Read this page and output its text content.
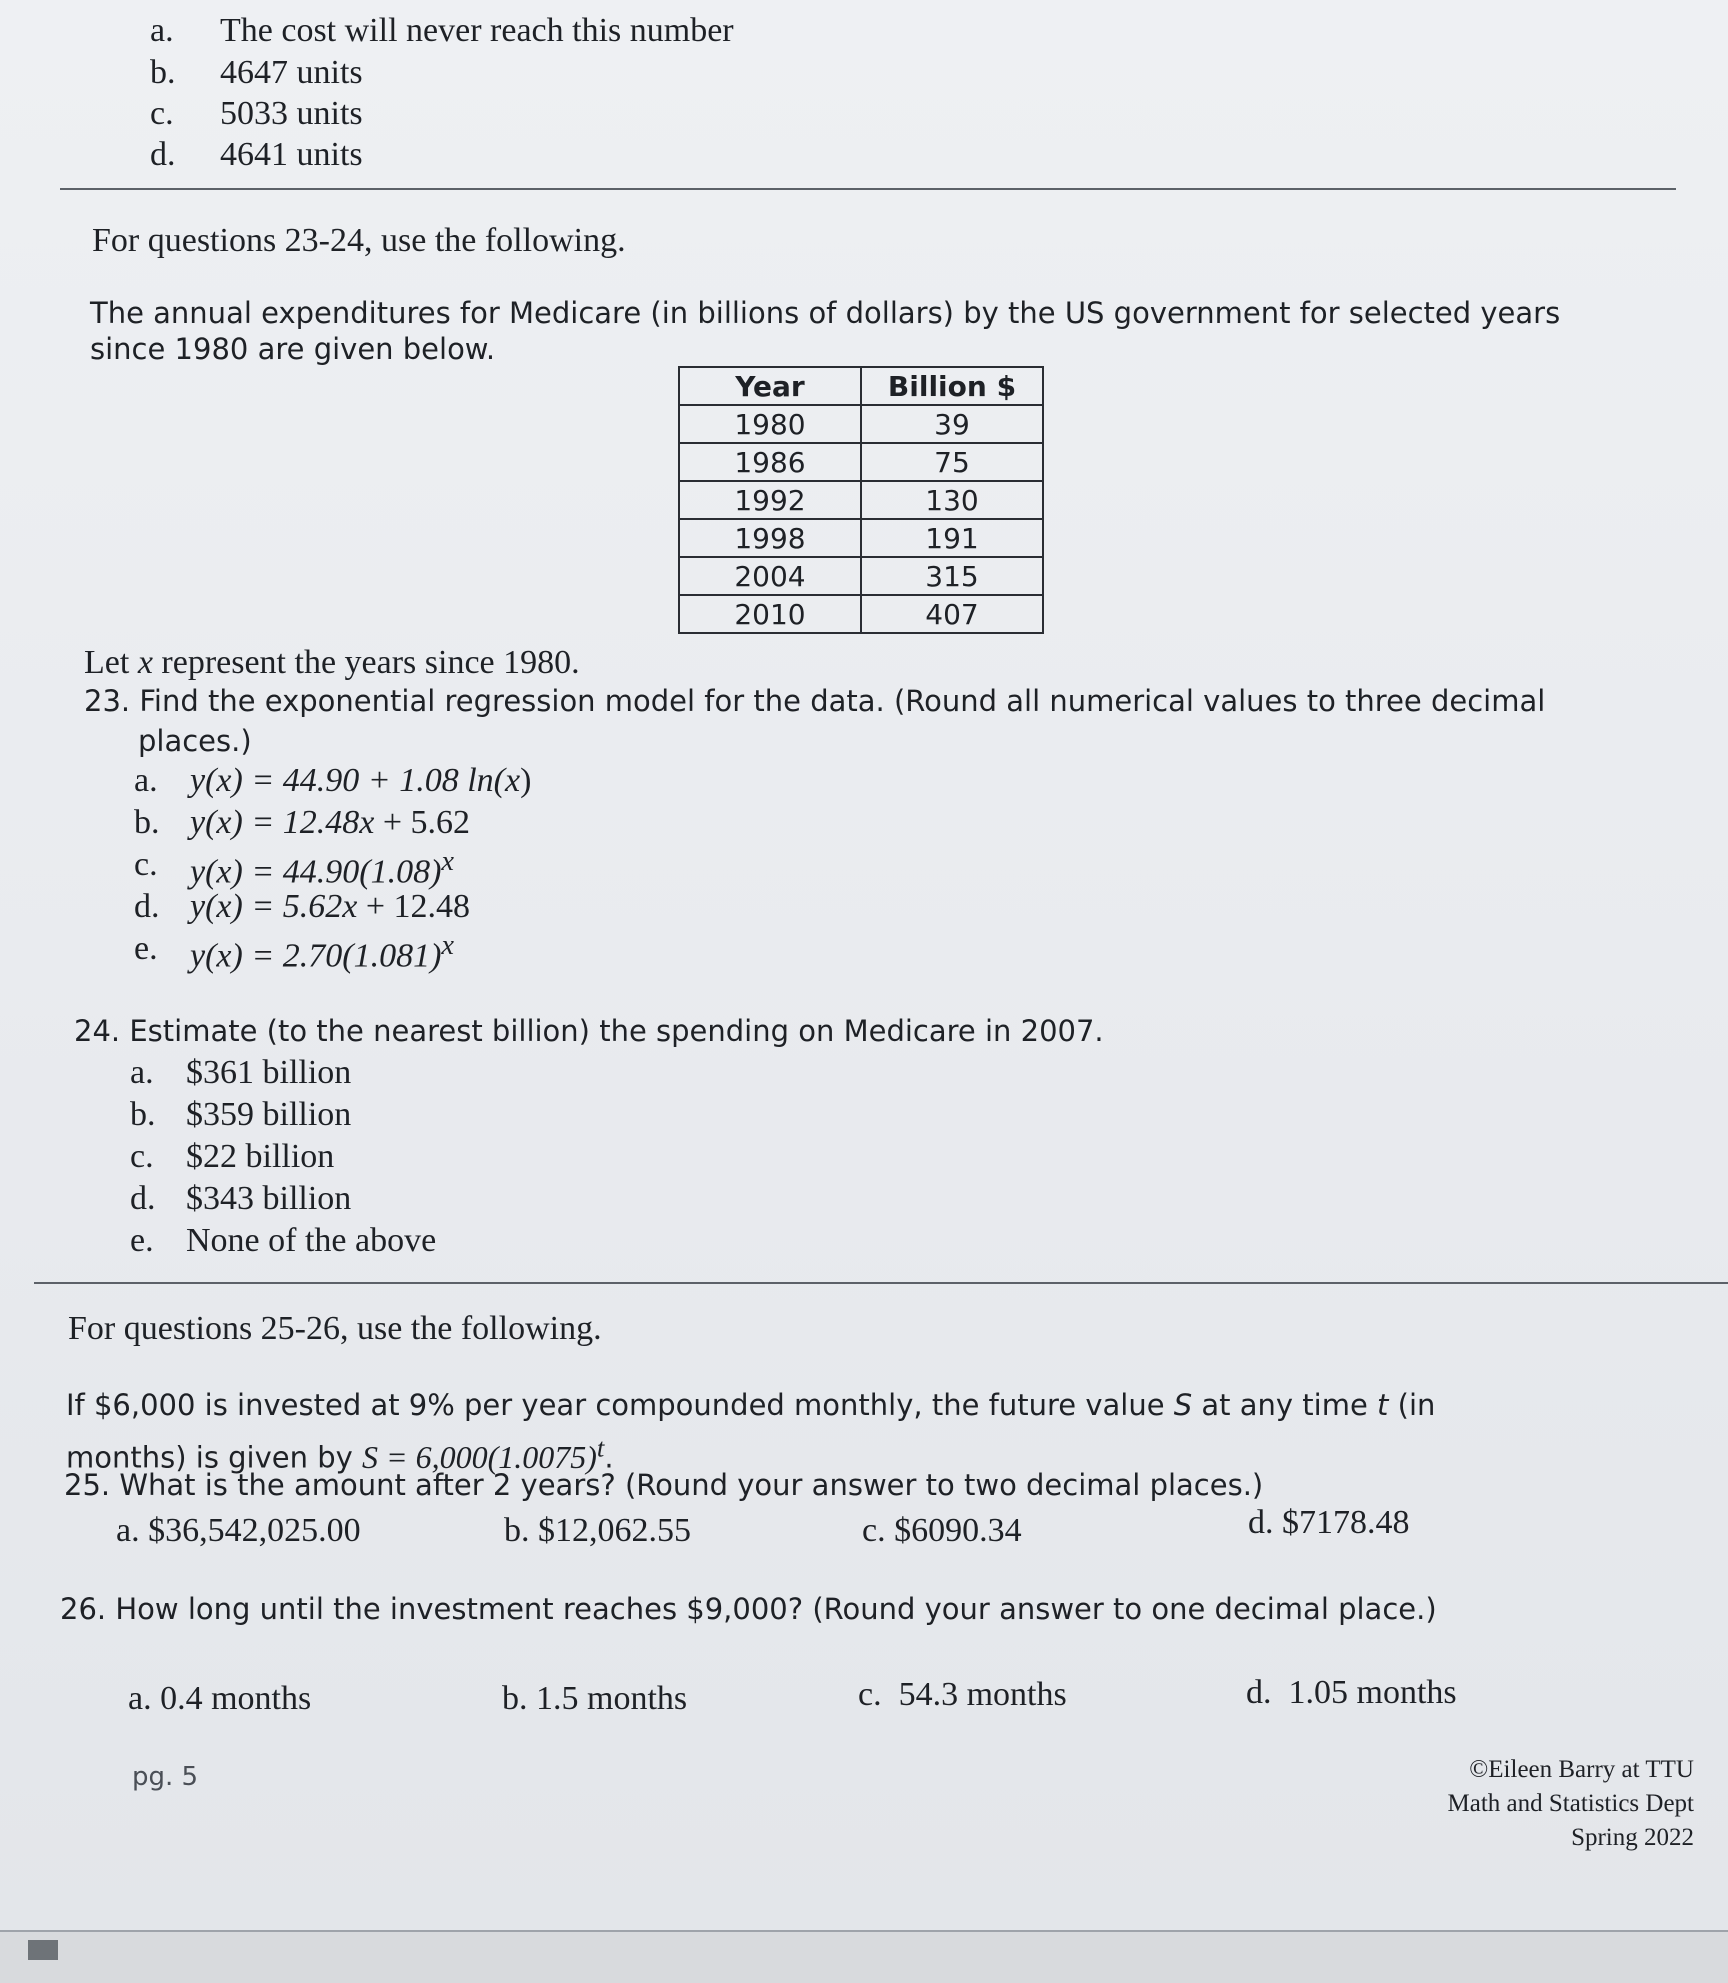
a. The cost will never reach this number
b. 4647 units
c. 5033 units
d. 4641 units
For questions 23-24, use the following.
The annual expenditures for Medicare (in billions of dollars) by the US government for selected years
since 1980 are given below.
Year	Billion $
1980	39
1986	75
1992	130
1998	191
2004	315
2010	407
Let x represent the years since 1980.
23. Find the exponential regression model for the data. (Round all numerical values to three decimal
places.)
a. y(x) = 44.90 + 1.08 ln(x)
b. y(x) = 12.48x + 5.62
c. $y(x) = 44.90(1.08)^x$
d. y(x) = 5.62x + 12.48
e. $y(x) = 2.70(1.081)^x$
24. Estimate (to the nearest billion) the spending on Medicare in 2007.
a. $361 billion
b. $359 billion
c. $22 billion
d. $343 billion
e. None of the above
For questions 25-26, use the following.
If $6,000 is invested at 9% per year compounded monthly, the future value S at any time t (in
months) is given by $S = 6,000(1.0075)^t$.
25. What is the amount after 2 years? (Round your answer to two decimal places.)
a. $36,542,025.00	b. $12,062.55	c. $6090.34	d. $7178.48
26. How long until the investment reaches $9,000? (Round your answer to one decimal place.)
a. 0.4 months	b. 1.5 months	c. 54.3 months	d. 1.05 months
pg. 5	©Eileen Barry at TTU
Math and Statistics Dept
Spring 2022
